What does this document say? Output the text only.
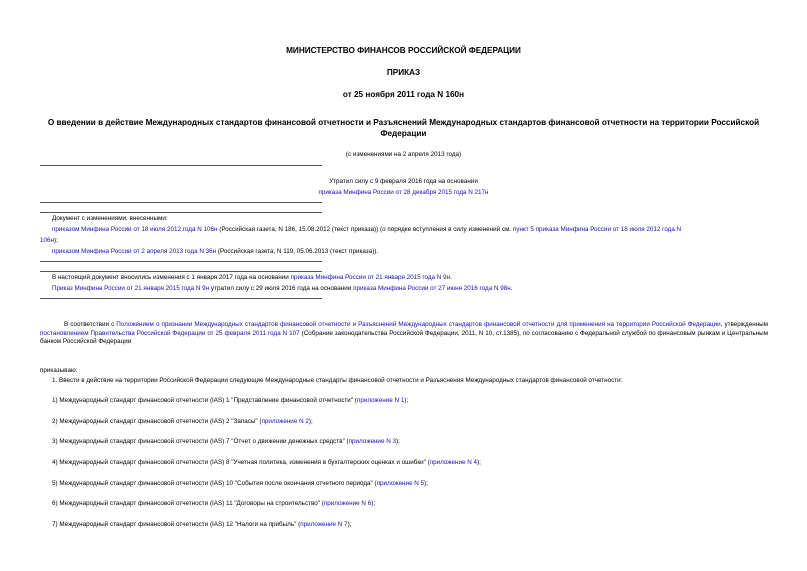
МИНИСТЕРСТВО ФИНАНСОВ РОССИЙСКОЙ ФЕДЕРАЦИИ
ПРИКАЗ
от 25 ноября 2011 года N 160н
О введении в действие Международных стандартов финансовой отчетности и Разъяснений Международных стандартов финансовой отчетности на территории Российской Федерации
(с изменениями на 2 апреля 2013 года)
Утратил силу с 9 февраля 2016 года на основании
приказа Минфина России от 28 декабря 2015 года N 217н
Документ с изменениями, внесенными:
приказом Минфина России от 18 июля 2012 года N 106н (Российская газета, N 186, 15.08.2012 (текст приказа)) (о порядке вступления в силу изменений см. пункт 5 приказа Минфина России от 18 июля 2012 года N
106н);
приказом Минфина России от 2 апреля 2013 года N 36н (Российская газета, N 119, 05.06.2013 (текст приказа)).
В настоящий документ вносились изменения с 1 января 2017 года на основании приказа Минфина России от 21 января 2015 года N 9н.
Приказ Минфина России от 21 января 2015 года N 9н утратил силу с 29 июля 2016 года на основании приказа Минфина России от 27 июня 2016 года N 98н.
В соответствии с Положением о признании Международных стандартов финансовой отчетности и Разъяснений Международных стандартов финансовой отчетности для применения на территории Российской Федерации, утвержденным постановлением Правительства Российской Федерации от 25 февраля 2011 года N 107 (Собрание законодательства Российской Федерации, 2011, N 10, ст.1385), по согласованию с Федеральной службой по финансовым рынкам и Центральным банком Российской Федерации
приказываю:
1. Ввести в действие на территории Российской Федерации следующие Международные стандарты финансовой отчетности и Разъяснения Международных стандартов финансовой отчетности:
1) Международный стандарт финансовой отчетности (IAS) 1 "Представление финансовой отчетности" (приложение N 1);
2) Международный стандарт финансовой отчетности (IAS) 2 "Запасы" (приложение N 2);
3) Международный стандарт финансовой отчетности (IAS) 7 "Отчет о движении денежных средств" (приложение N 3);
4) Международный стандарт финансовой отчетности (IAS) 8 "Учетная политика, изменения в бухгалтерских оценках и ошибки" (приложение N 4);
5) Международный стандарт финансовой отчетности (IAS) 10 "События после окончания отчетного периода" (приложение N 5);
6) Международный стандарт финансовой отчетности (IAS) 11 "Договоры на строительство" (приложение N 6);
7) Международный стандарт финансовой отчетности (IAS) 12 "Налоги на прибыль" (приложение N 7);
